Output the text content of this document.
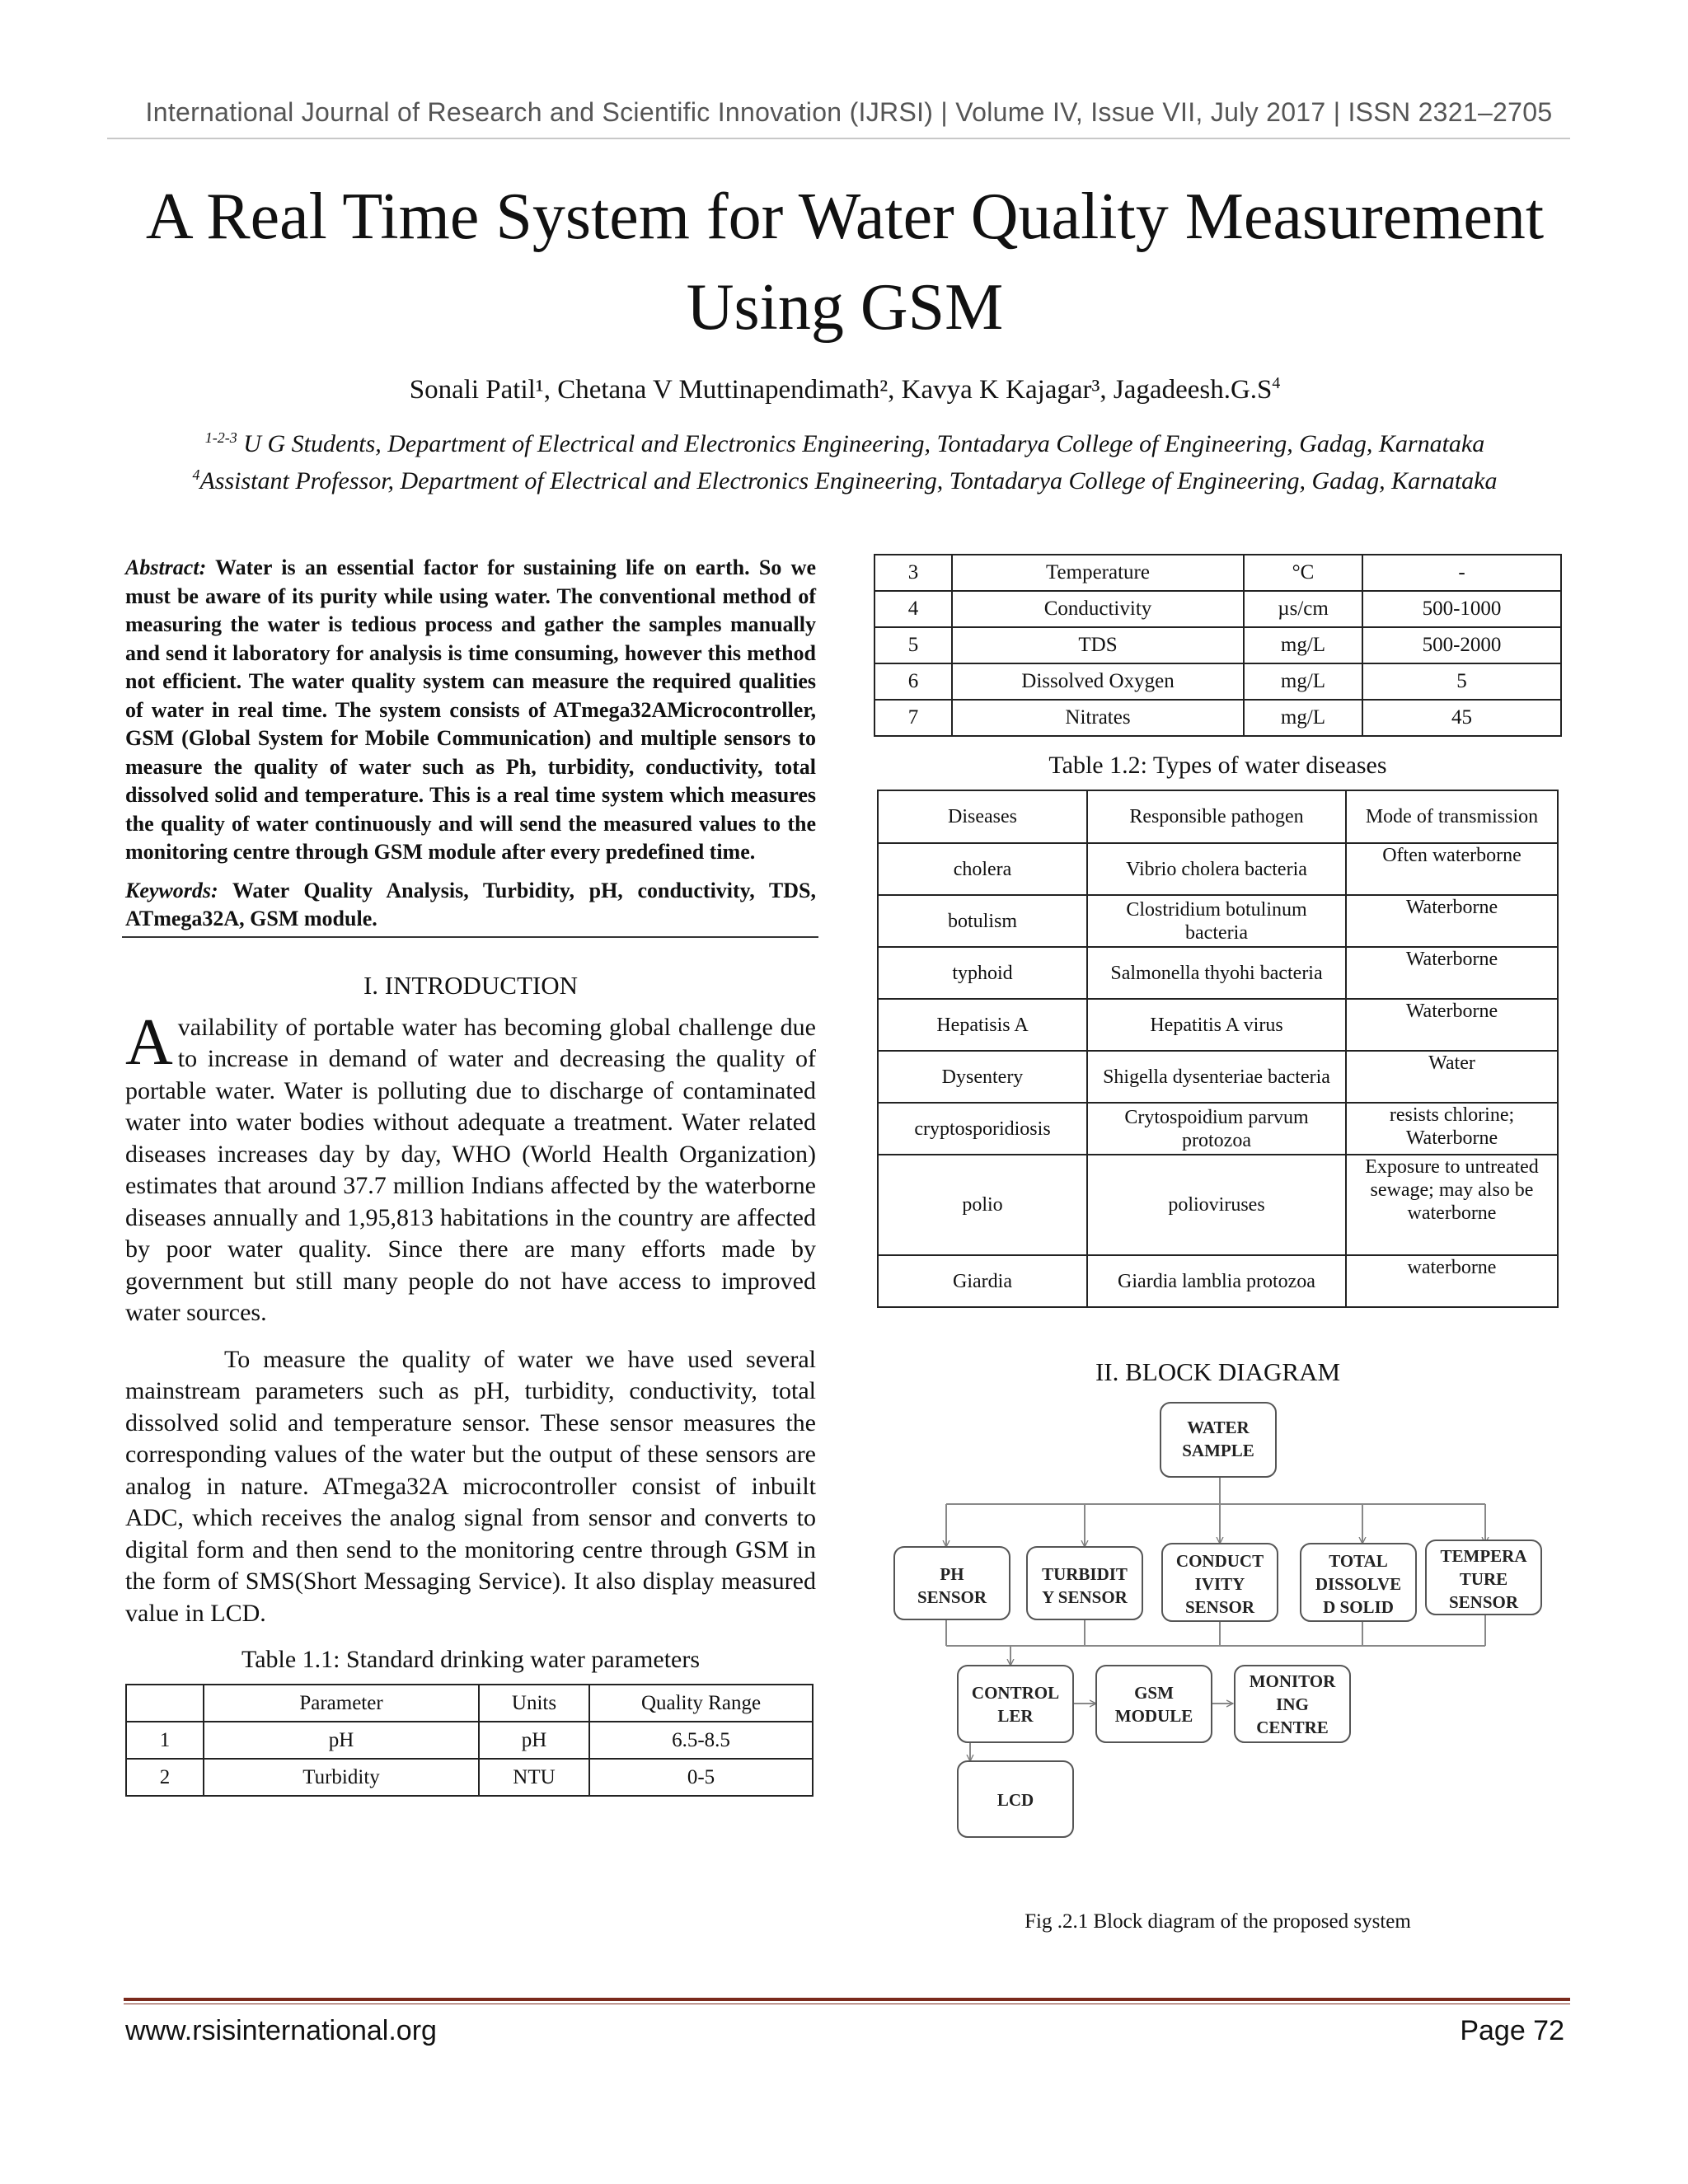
International Journal of Research and Scientific Innovation (IJRSI) | Volume IV, Issue VII, July 2017 | ISSN 2321–2705
A Real Time System for Water Quality Measurement
Using GSM
Sonali Patil¹, Chetana V Muttinapendimath², Kavya K Kajagar³, $Jagadeesh.G.S^4$
$^{1-2-3}$ U G Students, Department of Electrical and Electronics Engineering, Tontadarya College of Engineering, Gadag, Karnataka
$^4$Assistant Professor, Department of Electrical and Electronics Engineering, Tontadarya College of Engineering, Gadag, Karnataka

Abstract: Water is an essential factor for sustaining life on earth. So we must be aware of its purity while using water. The conventional method of measuring the water is tedious process and gather the samples manually and send it laboratory for analysis is time consuming, however this method not efficient. The water quality system can measure the required qualities of water in real time. The system consists of ATmega32AMicrocontroller, GSM (Global System for Mobile Communication) and multiple sensors to measure the quality of water such as Ph, turbidity, conductivity, total dissolved solid and temperature. This is a real time system which measures the quality of water continuously and will send the measured values to the monitoring centre through GSM module after every predefined time.

Keywords: Water Quality Analysis, Turbidity, pH, conductivity, TDS, ATmega32A, GSM module.

I. INTRODUCTION

Availability of portable water has becoming global challenge due to increase in demand of water and decreasing the quality of portable water. Water is polluting due to discharge of contaminated water into water bodies without adequate a treatment. Water related diseases increases day by day, WHO (World Health Organization) estimates that around 37.7 million Indians affected by the waterborne diseases annually and 1,95,813 habitations in the country are affected by poor water quality. Since there are many efforts made by government but still many people do not have access to improved water sources.

To measure the quality of water we have used several mainstream parameters such as pH, turbidity, conductivity, total dissolved solid and temperature sensor. These sensor measures the corresponding values of the water but the output of these sensors are analog in nature. ATmega32A microcontroller consist of inbuilt ADC, which receives the analog signal from sensor and converts to digital form and then send to the monitoring centre through GSM in the form of SMS(Short Messaging Service). It also display measured value in LCD.

Table 1.1: Standard drinking water parameters
	Parameter	Units	Quality Range
1	pH	pH	6.5-8.5
2	Turbidity	NTU	0-5
3	Temperature	°C	-
4	Conductivity	µs/cm	500-1000
5	TDS	mg/L	500-2000
6	Dissolved Oxygen	mg/L	5
7	Nitrates	mg/L	45
Table 1.2: Types of water diseases
Diseases	Responsible pathogen	Mode of transmission
cholera	Vibrio cholera bacteria	Often waterborne
botulism	Clostridium botulinum bacteria	Waterborne
typhoid	Salmonella thyohi bacteria	Waterborne
Hepatisis A	Hepatitis A virus	Waterborne
Dysentery	Shigella dysenteriae bacteria	Water
cryptosporidiosis	Crytospoidium parvum protozoa	resists chlorine; Waterborne
polio	polioviruses	Exposure to untreated sewage; may also be waterborne
Giardia	Giardia lamblia protozoa	waterborne
II. BLOCK DIAGRAM
WATER SAMPLE
PH SENSOR
TURBIDIT Y SENSOR
CONDUCT IVITY SENSOR
TOTAL DISSOLVE D SOLID
TEMPERA TURE SENSOR
CONTROL LER
GSM MODULE
MONITOR ING CENTRE
LCD
Fig .2.1 Block diagram of the proposed system
www.rsisinternational.org	Page 72
